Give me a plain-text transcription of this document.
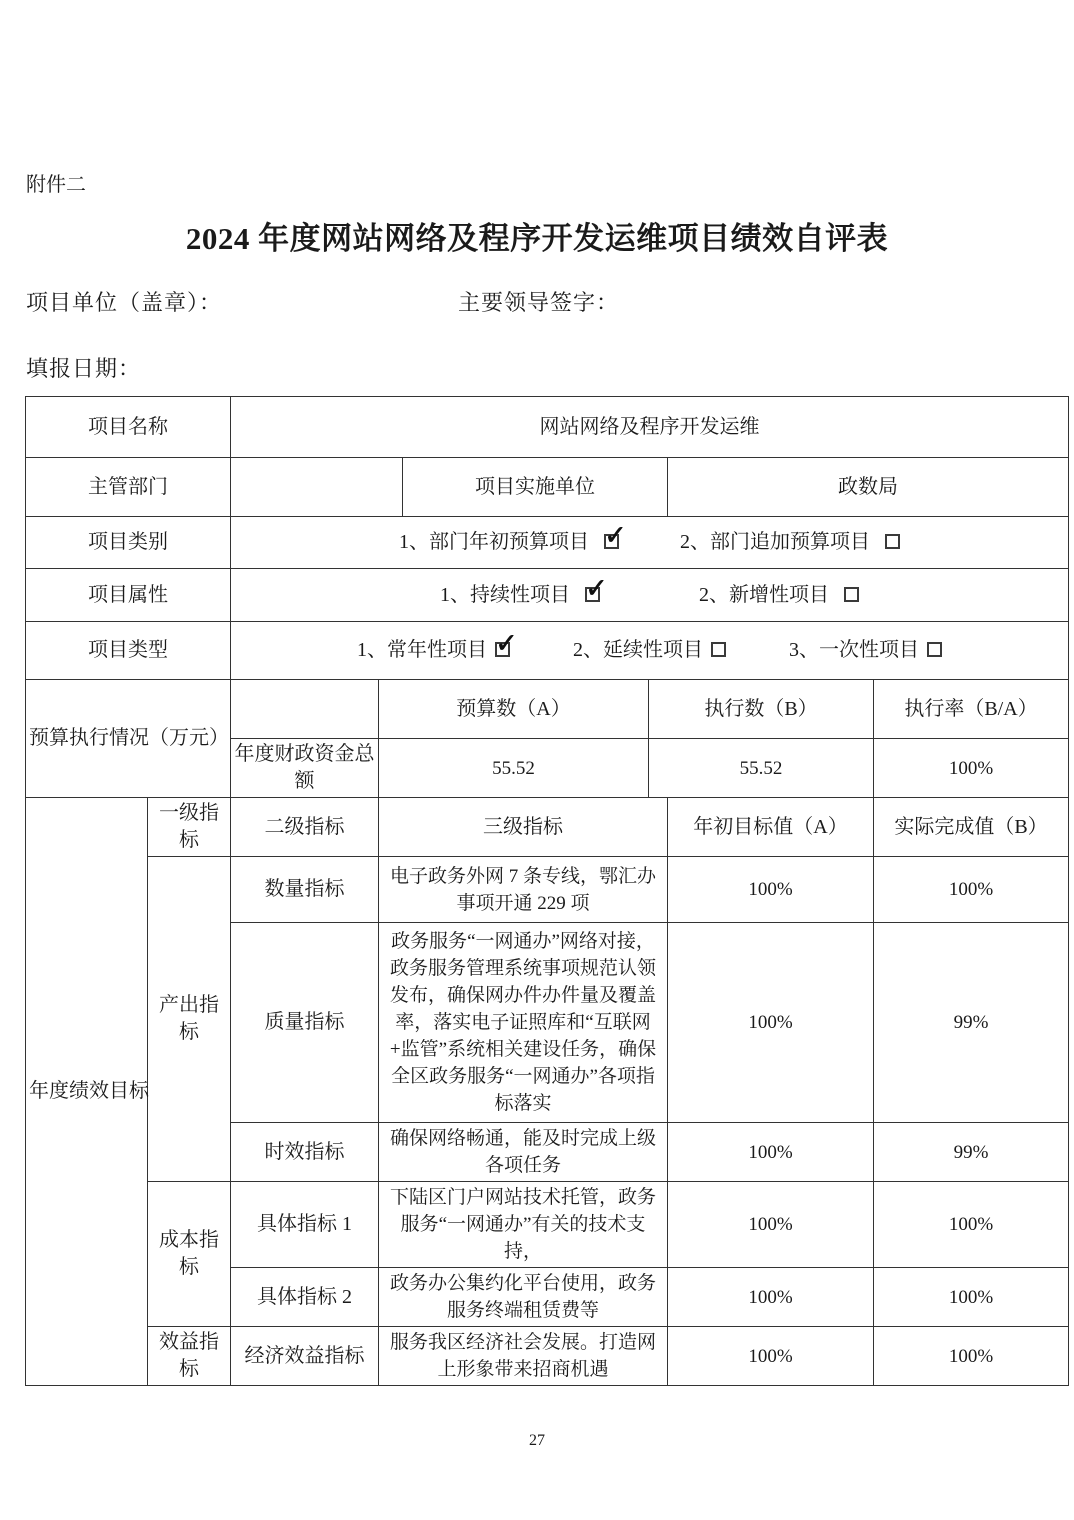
附件二
2024 年度网站网络及程序开发运维项目绩效自评表
项目单位（盖章）：	主要领导签字：
填报日期：
项目名称		网站网络及程序开发运维					
主管部门				项目实施单位		政数局	
项目类别		1、部门年初预算项目 ✓ 2、部门追加预算项目
项目属性		1、持续性项目 ✓ 2、新增性项目
项目类型		1、常年性项目 ✓ 2、延续性项目 3、一次性项目
预算执行情况（万元）			预算数（A）		执行数（B）		执行率（B/A）
		年度财政资金总额	55.52		55.52		100%
年度绩效目标	一级指标	二级指标	三级指标			年初目标值（A）	实际完成值（B）
	产出指标	数量指标	电子政务外网 7 条专线，鄂汇办事项开通 229 项			100%	100%
		质量指标	政务服务“一网通办”网络对接，政务服务管理系统事项规范认领发布，确保网办件办件量及覆盖率，落实电子证照库和“互联网+监管”系统相关建设任务，确保全区政务服务“一网通办”各项指标落实			100%	99%
		时效指标	确保网络畅通，能及时完成上级各项任务			100%	99%
	成本指标	具体指标 1	下陆区门户网站技术托管，政务服务“一网通办”有关的技术支持，			100%	100%
		具体指标 2	政务办公集约化平台使用，政务服务终端租赁费等			100%	100%
	效益指标	经济效益指标	服务我区经济社会发展。打造网上形象带来招商机遇			100%	100%
27
